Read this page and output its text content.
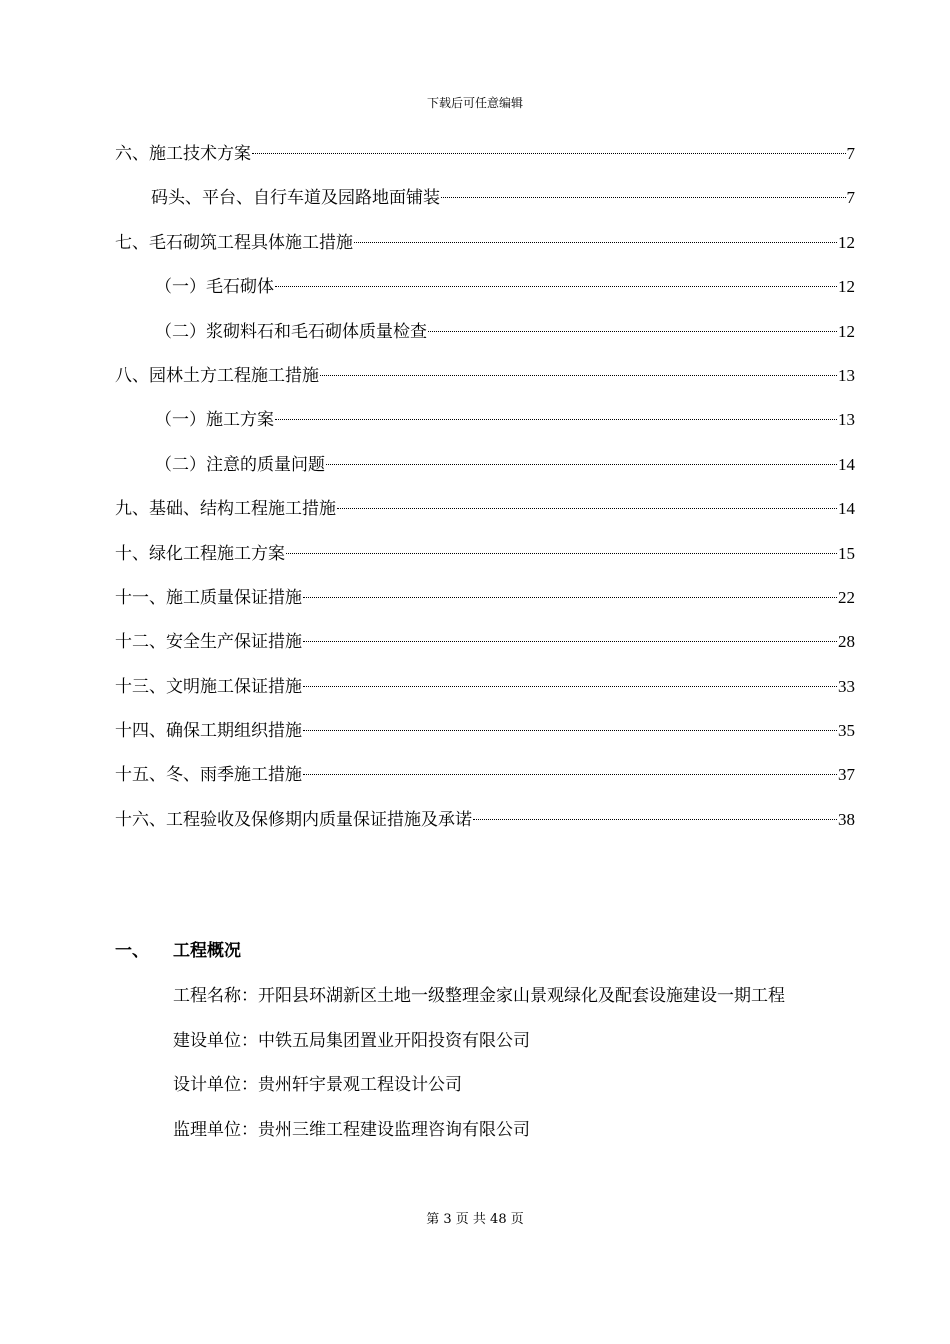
下载后可任意编辑
六、施工技术方案	7
码头、平台、自行车道及园路地面铺装	7
七、毛石砌筑工程具体施工措施	12
（一）毛石砌体	12
（二）浆砌料石和毛石砌体质量检查	12
八、园林土方工程施工措施	13
（一）施工方案	13
（二）注意的质量问题	14
九、基础、结构工程施工措施	14
十、绿化工程施工方案	15
十一、施工质量保证措施	22
十二、安全生产保证措施	28
十三、文明施工保证措施	33
十四、确保工期组织措施	35
十五、冬、雨季施工措施	37
十六、工程验收及保修期内质量保证措施及承诺	38
一、	工程概况
工程名称：开阳县环湖新区土地一级整理金家山景观绿化及配套设施建设一期工程
建设单位：中铁五局集团置业开阳投资有限公司
设计单位：贵州轩宇景观工程设计公司
监理单位：贵州三维工程建设监理咨询有限公司
第 3 页 共 48 页
